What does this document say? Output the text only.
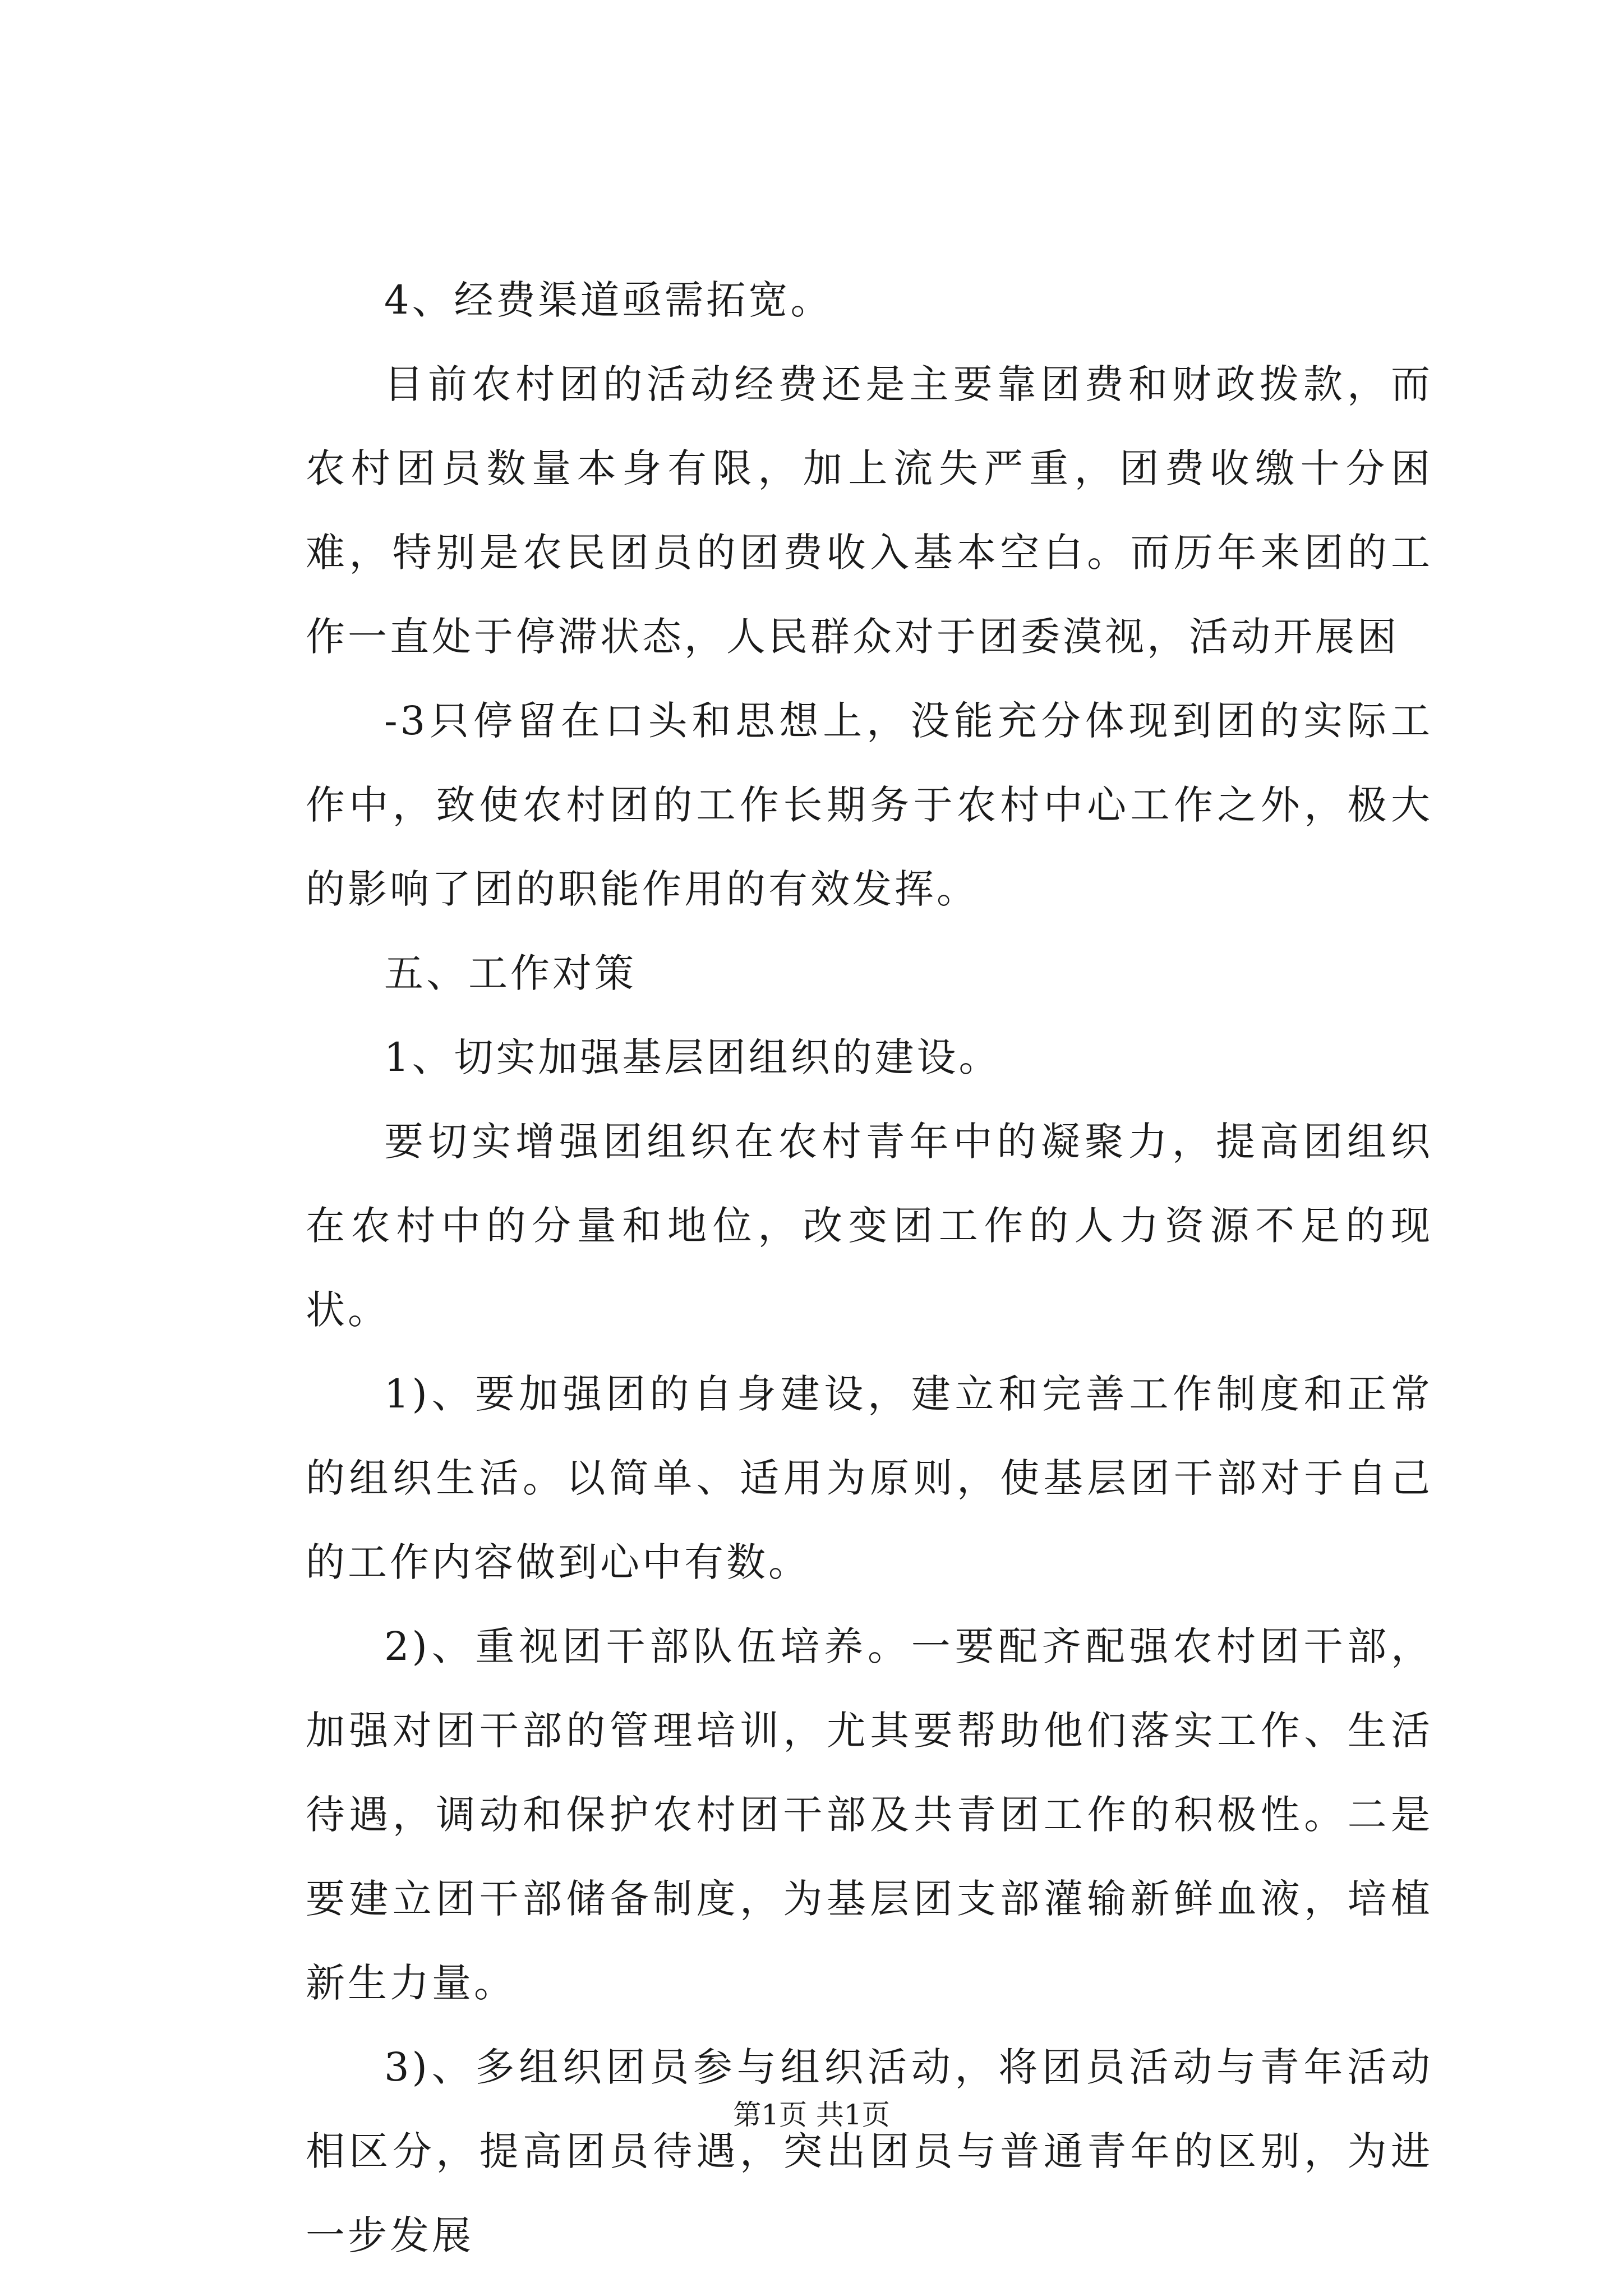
4、经费渠道亟需拓宽。

目前农村团的活动经费还是主要靠团费和财政拨款，而农村团员数量本身有限，加上流失严重，团费收缴十分困难，特别是农民团员的团费收入基本空白。而历年来团的工作一直处于停滞状态，人民群众对于团委漠视，活动开展困

-3只停留在口头和思想上，没能充分体现到团的实际工作中，致使农村团的工作长期务于农村中心工作之外，极大的影响了团的职能作用的有效发挥。

五、工作对策

1、切实加强基层团组织的建设。

要切实增强团组织在农村青年中的凝聚力，提高团组织在农村中的分量和地位，改变团工作的人力资源不足的现状。

1)、要加强团的自身建设，建立和完善工作制度和正常的组织生活。以简单、适用为原则，使基层团干部对于自己的工作内容做到心中有数。

2)、重视团干部队伍培养。一要配齐配强农村团干部，加强对团干部的管理培训，尤其要帮助他们落实工作、生活待遇，调动和保护农村团干部及共青团工作的积极性。二是要建立团干部储备制度，为基层团支部灌输新鲜血液，培植新生力量。

3)、多组织团员参与组织活动，将团员活动与青年活动相区分，提高团员待遇，突出团员与普通青年的区别，为进一步发展

第1页 共1页
